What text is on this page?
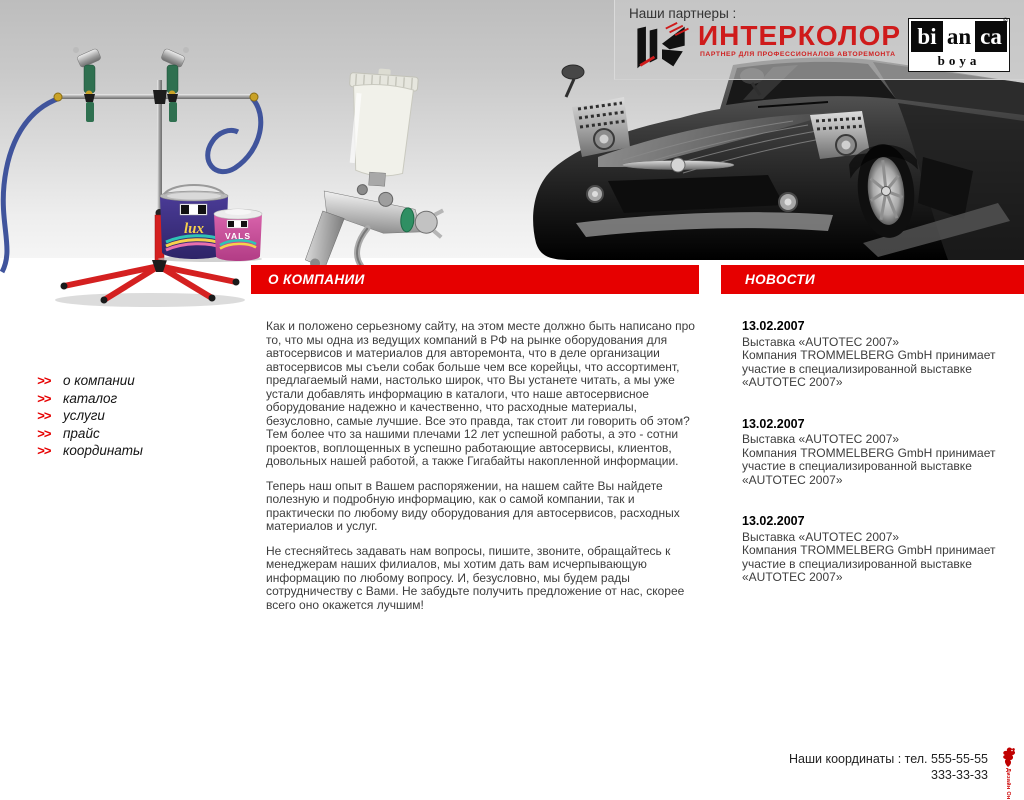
lux VALS
Наши партнеры :
ИНТЕРКОЛОР
ПАРТНЕР ДЛЯ ПРОФЕССИОНАЛОВ АВТОРЕМОНТА
bi an ca
®
boya
О КОМПАНИИ	НОВОСТИ
>> о компании
>> каталог
>> услуги
>> прайс
>> координаты

Как и положено серьезному сайту, на этом месте должно быть написано про то, что мы одна из ведущих компаний в РФ на рынке оборудования для автосервисов и материалов для авторемонта, что в деле организации автосервисов мы съели собак больше чем все корейцы, что ассортимент, предлагаемый нами, настолько широк, что Вы устанете читать, а мы уже устали добавлять информацию в каталоги, что наше автосервисное оборудование надежно и качественно, что расходные материалы, безусловно, самые лучшие. Все это правда, так стоит ли говорить об этом? Тем более что за нашими плечами 12 лет успешной работы, а это - сотни проектов, воплощенных в успешно работающие автосервисы, клиентов, довольных нашей работой, а также Гигабайты накопленной информации.

Теперь наш опыт в Вашем распоряжении, на нашем сайте Вы найдете полезную и подробную информацию, как о самой компании, так и практически по любому виду оборудования для автосервисов, расходных материалов и услуг.

Не стесняйтесь задавать нам вопросы, пишите, звоните, обращайтесь к менеджерам наших филиалов, мы хотим дать вам исчерпывающую информацию по любому вопросу. И, безусловно, мы будем рады сотрудничеству с Вами. Не забудьте получить предложение от нас, скорее всего оно окажется лучшим!

13.02.2007
Выставка «AUTOTEC 2007»
Компания TROMMELBERG GmbH принимает участие в специализированной выставке «AUTOTEC 2007»
13.02.2007
Выставка «AUTOTEC 2007»
Компания TROMMELBERG GmbH принимает участие в специализированной выставке «AUTOTEC 2007»
13.02.2007
Выставка «AUTOTEC 2007»
Компания TROMMELBERG GmbH принимает участие в специализированной выставке «AUTOTEC 2007»
Наши координаты : тел. 555-55-55
333-33-33	Дизайн Он
